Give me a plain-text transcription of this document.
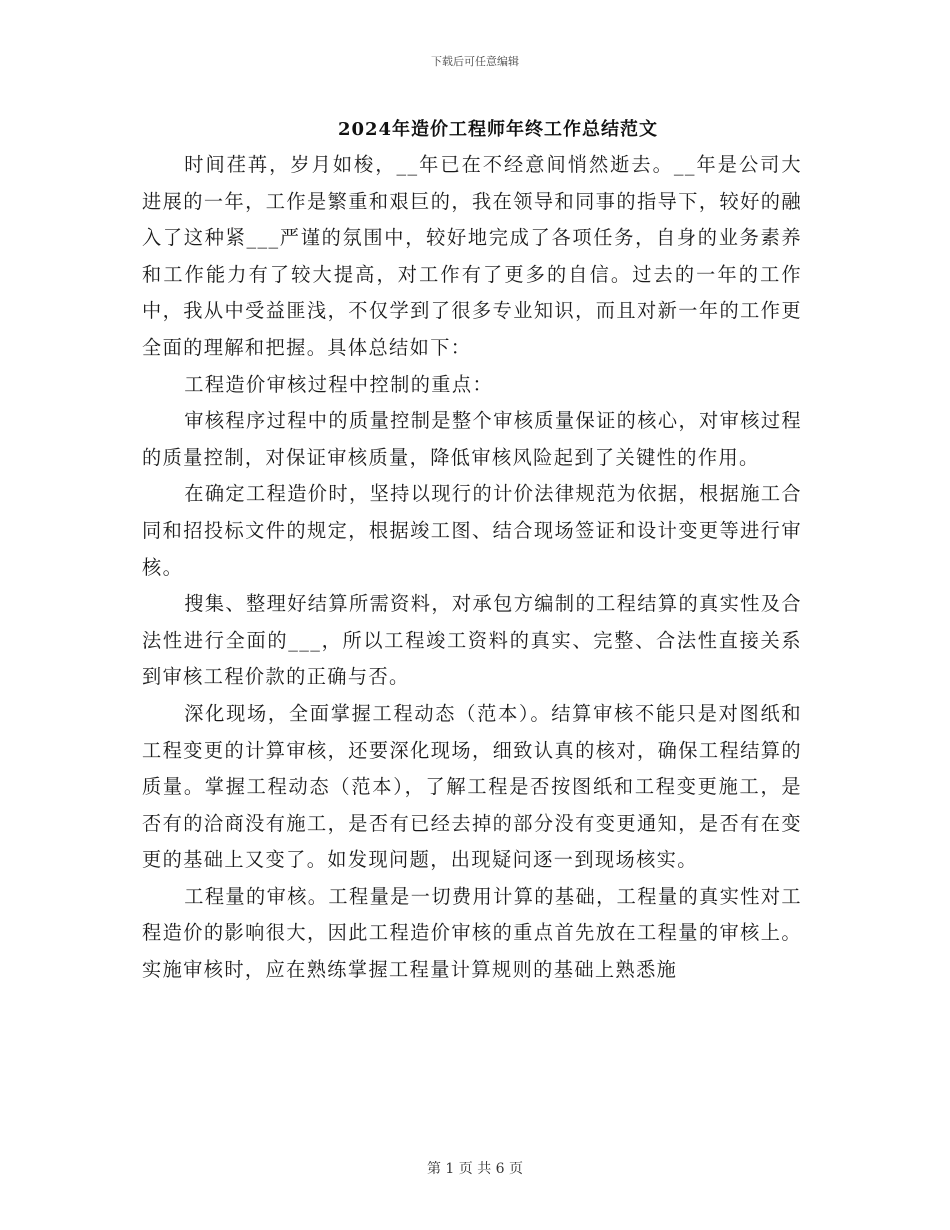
下载后可任意编辑
2024年造价工程师年终工作总结范文

时间荏苒，岁月如梭，__年已在不经意间悄然逝去。__年是公司大进展的一年，工作是繁重和艰巨的，我在领导和同事的指导下，较好的融入了这种紧___严谨的氛围中，较好地完成了各项任务，自身的业务素养和工作能力有了较大提高，对工作有了更多的自信。过去的一年的工作中，我从中受益匪浅，不仅学到了很多专业知识，而且对新一年的工作更全面的理解和把握。具体总结如下：

工程造价审核过程中控制的重点：

审核程序过程中的质量控制是整个审核质量保证的核心，对审核过程的质量控制，对保证审核质量，降低审核风险起到了关键性的作用。

在确定工程造价时，坚持以现行的计价法律规范为依据，根据施工合同和招投标文件的规定，根据竣工图、结合现场签证和设计变更等进行审核。

搜集、整理好结算所需资料，对承包方编制的工程结算的真实性及合法性进行全面的___，所以工程竣工资料的真实、完整、合法性直接关系到审核工程价款的正确与否。

深化现场，全面掌握工程动态（范本）。结算审核不能只是对图纸和工程变更的计算审核，还要深化现场，细致认真的核对，确保工程结算的质量。掌握工程动态（范本），了解工程是否按图纸和工程变更施工，是否有的洽商没有施工，是否有已经去掉的部分没有变更通知，是否有在变更的基础上又变了。如发现问题，出现疑问逐一到现场核实。

工程量的审核。工程量是一切费用计算的基础，工程量的真实性对工程造价的影响很大，因此工程造价审核的重点首先放在工程量的审核上。实施审核时，应在熟练掌握工程量计算规则的基础上熟悉施

第 1 页 共 6 页
